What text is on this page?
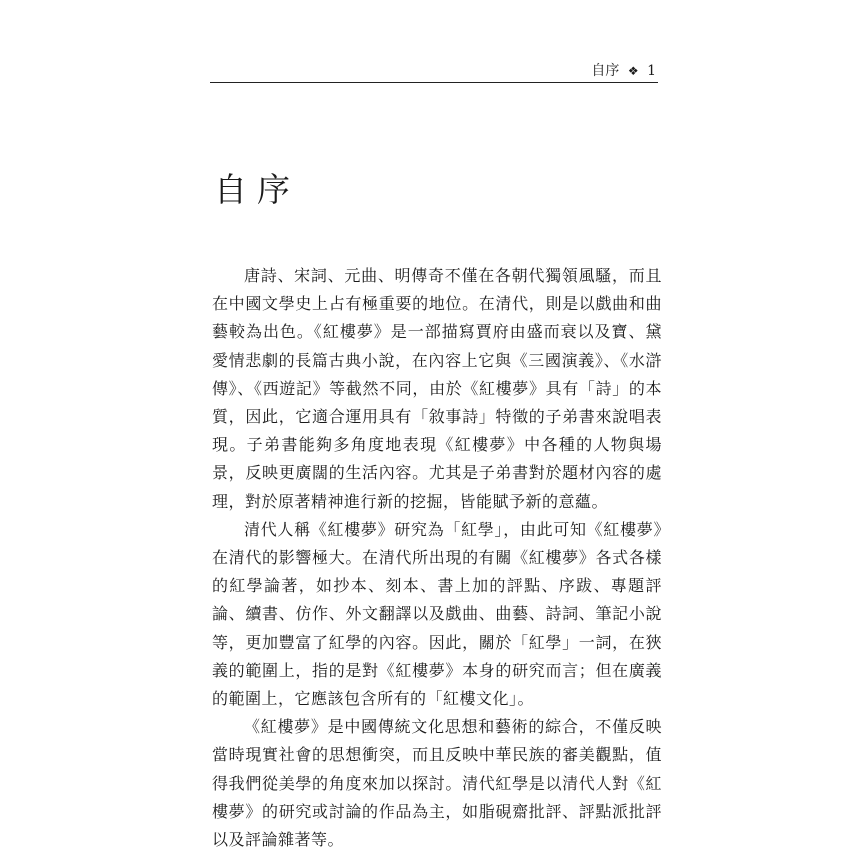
自序 ❖ 1
自序

唐詩、宋詞、元曲、明傳奇不僅在各朝代獨領風騷，而且在中國文學史上占有極重要的地位。在清代，則是以戲曲和曲藝較為出色。《紅樓夢》是一部描寫賈府由盛而衰以及寶、黛愛情悲劇的長篇古典小說，在內容上它與《三國演義》、《水滸傳》、《西遊記》等截然不同，由於《紅樓夢》具有「詩」的本質，因此，它適合運用具有「敘事詩」特徵的子弟書來說唱表現。子弟書能夠多角度地表現《紅樓夢》中各種的人物與場景，反映更廣闊的生活內容。尤其是子弟書對於題材內容的處理，對於原著精神進行新的挖掘，皆能賦予新的意蘊。

清代人稱《紅樓夢》研究為「紅學」，由此可知《紅樓夢》在清代的影響極大。在清代所出現的有關《紅樓夢》各式各樣的紅學論著，如抄本、刻本、書上加的評點、序跋、專題評論、續書、仿作、外文翻譯以及戲曲、曲藝、詩詞、筆記小說等，更加豐富了紅學的內容。因此，關於「紅學」一詞，在狹義的範圍上，指的是對《紅樓夢》本身的研究而言；但在廣義的範圍上，它應該包含所有的「紅樓文化」。

《紅樓夢》是中國傳統文化思想和藝術的綜合，不僅反映當時現實社會的思想衝突，而且反映中華民族的審美觀點，值得我們從美學的角度來加以探討。清代紅學是以清代人對《紅樓夢》的研究或討論的作品為主，如脂硯齋批評、評點派批評以及評論雜著等。
